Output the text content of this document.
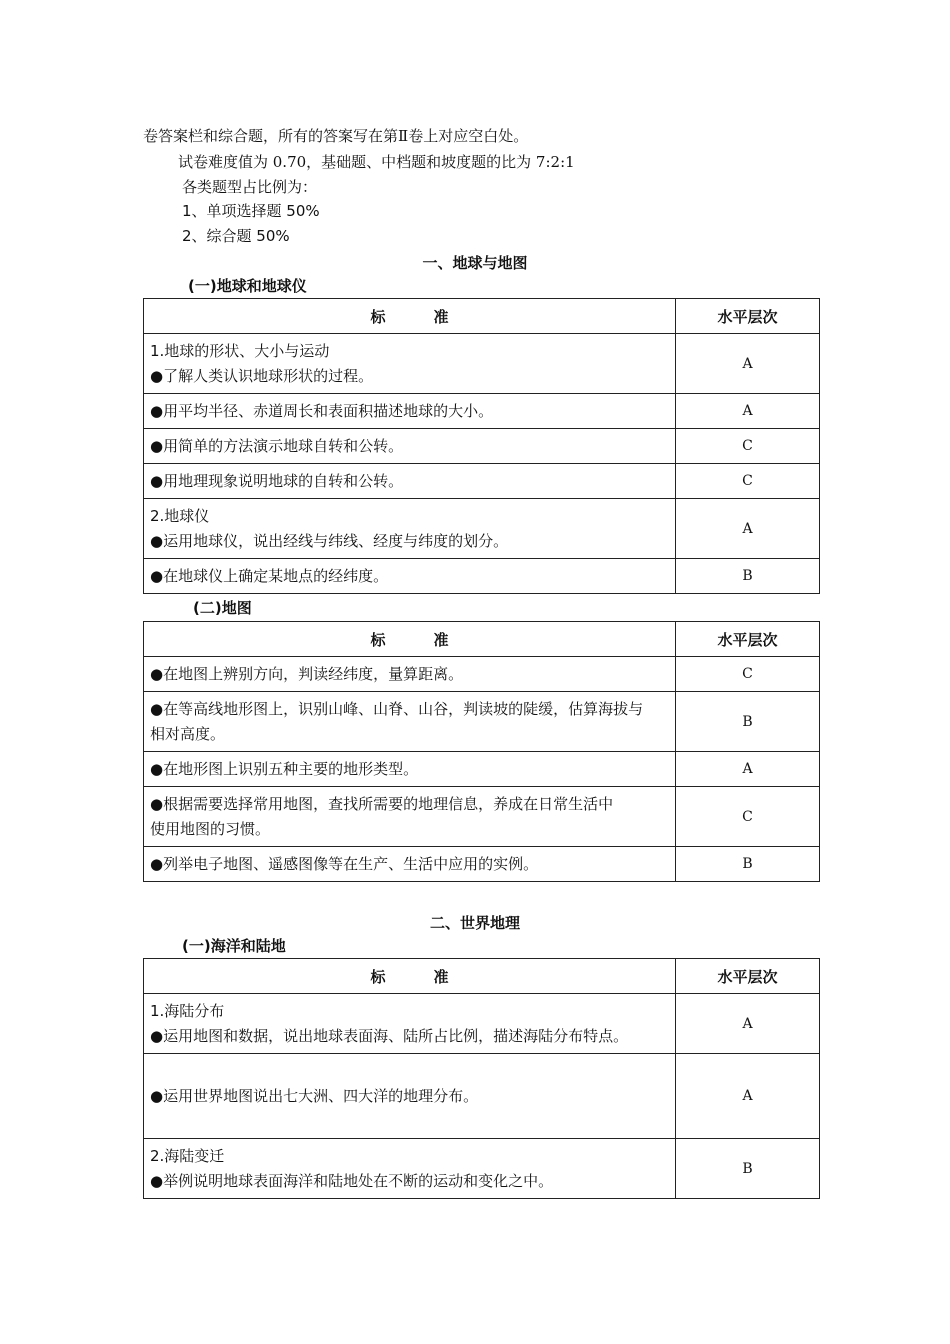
卷答案栏和综合题，所有的答案写在第Ⅱ卷上对应空白处。
试卷难度值为 0.70，基础题、中档题和坡度题的比为 7:2:1
各类题型占比例为：
1、单项选择题 50%
2、综合题 50%
一、地球与地图
(一)地球和地球仪
标 准	水平层次

1.地球的形状、大小与运动
●了解人类认识地球形状的过程。	A

●用平均半径、赤道周长和表面积描述地球的大小。	A

●用简单的方法演示地球自转和公转。	C

●用地理现象说明地球的自转和公转。	C

2.地球仪
●运用地球仪，说出经线与纬线、经度与纬度的划分。	A

●在地球仪上确定某地点的经纬度。	B
(二)地图
标 准	水平层次

●在地图上辨别方向，判读经纬度，量算距离。	C

●在等高线地形图上，识别山峰、山脊、山谷，判读坡的陡缓，估算海拔与
相对高度。	B

●在地形图上识别五种主要的地形类型。	A

●根据需要选择常用地图，查找所需要的地理信息，养成在日常生活中
使用地图的习惯。	C

●列举电子地图、遥感图像等在生产、生活中应用的实例。	B
二、世界地理
(一)海洋和陆地
标 准	水平层次

1.海陆分布
●运用地图和数据，说出地球表面海、陆所占比例，描述海陆分布特点。	A

●运用世界地图说出七大洲、四大洋的地理分布。	A

2.海陆变迁
●举例说明地球表面海洋和陆地处在不断的运动和变化之中。	B
